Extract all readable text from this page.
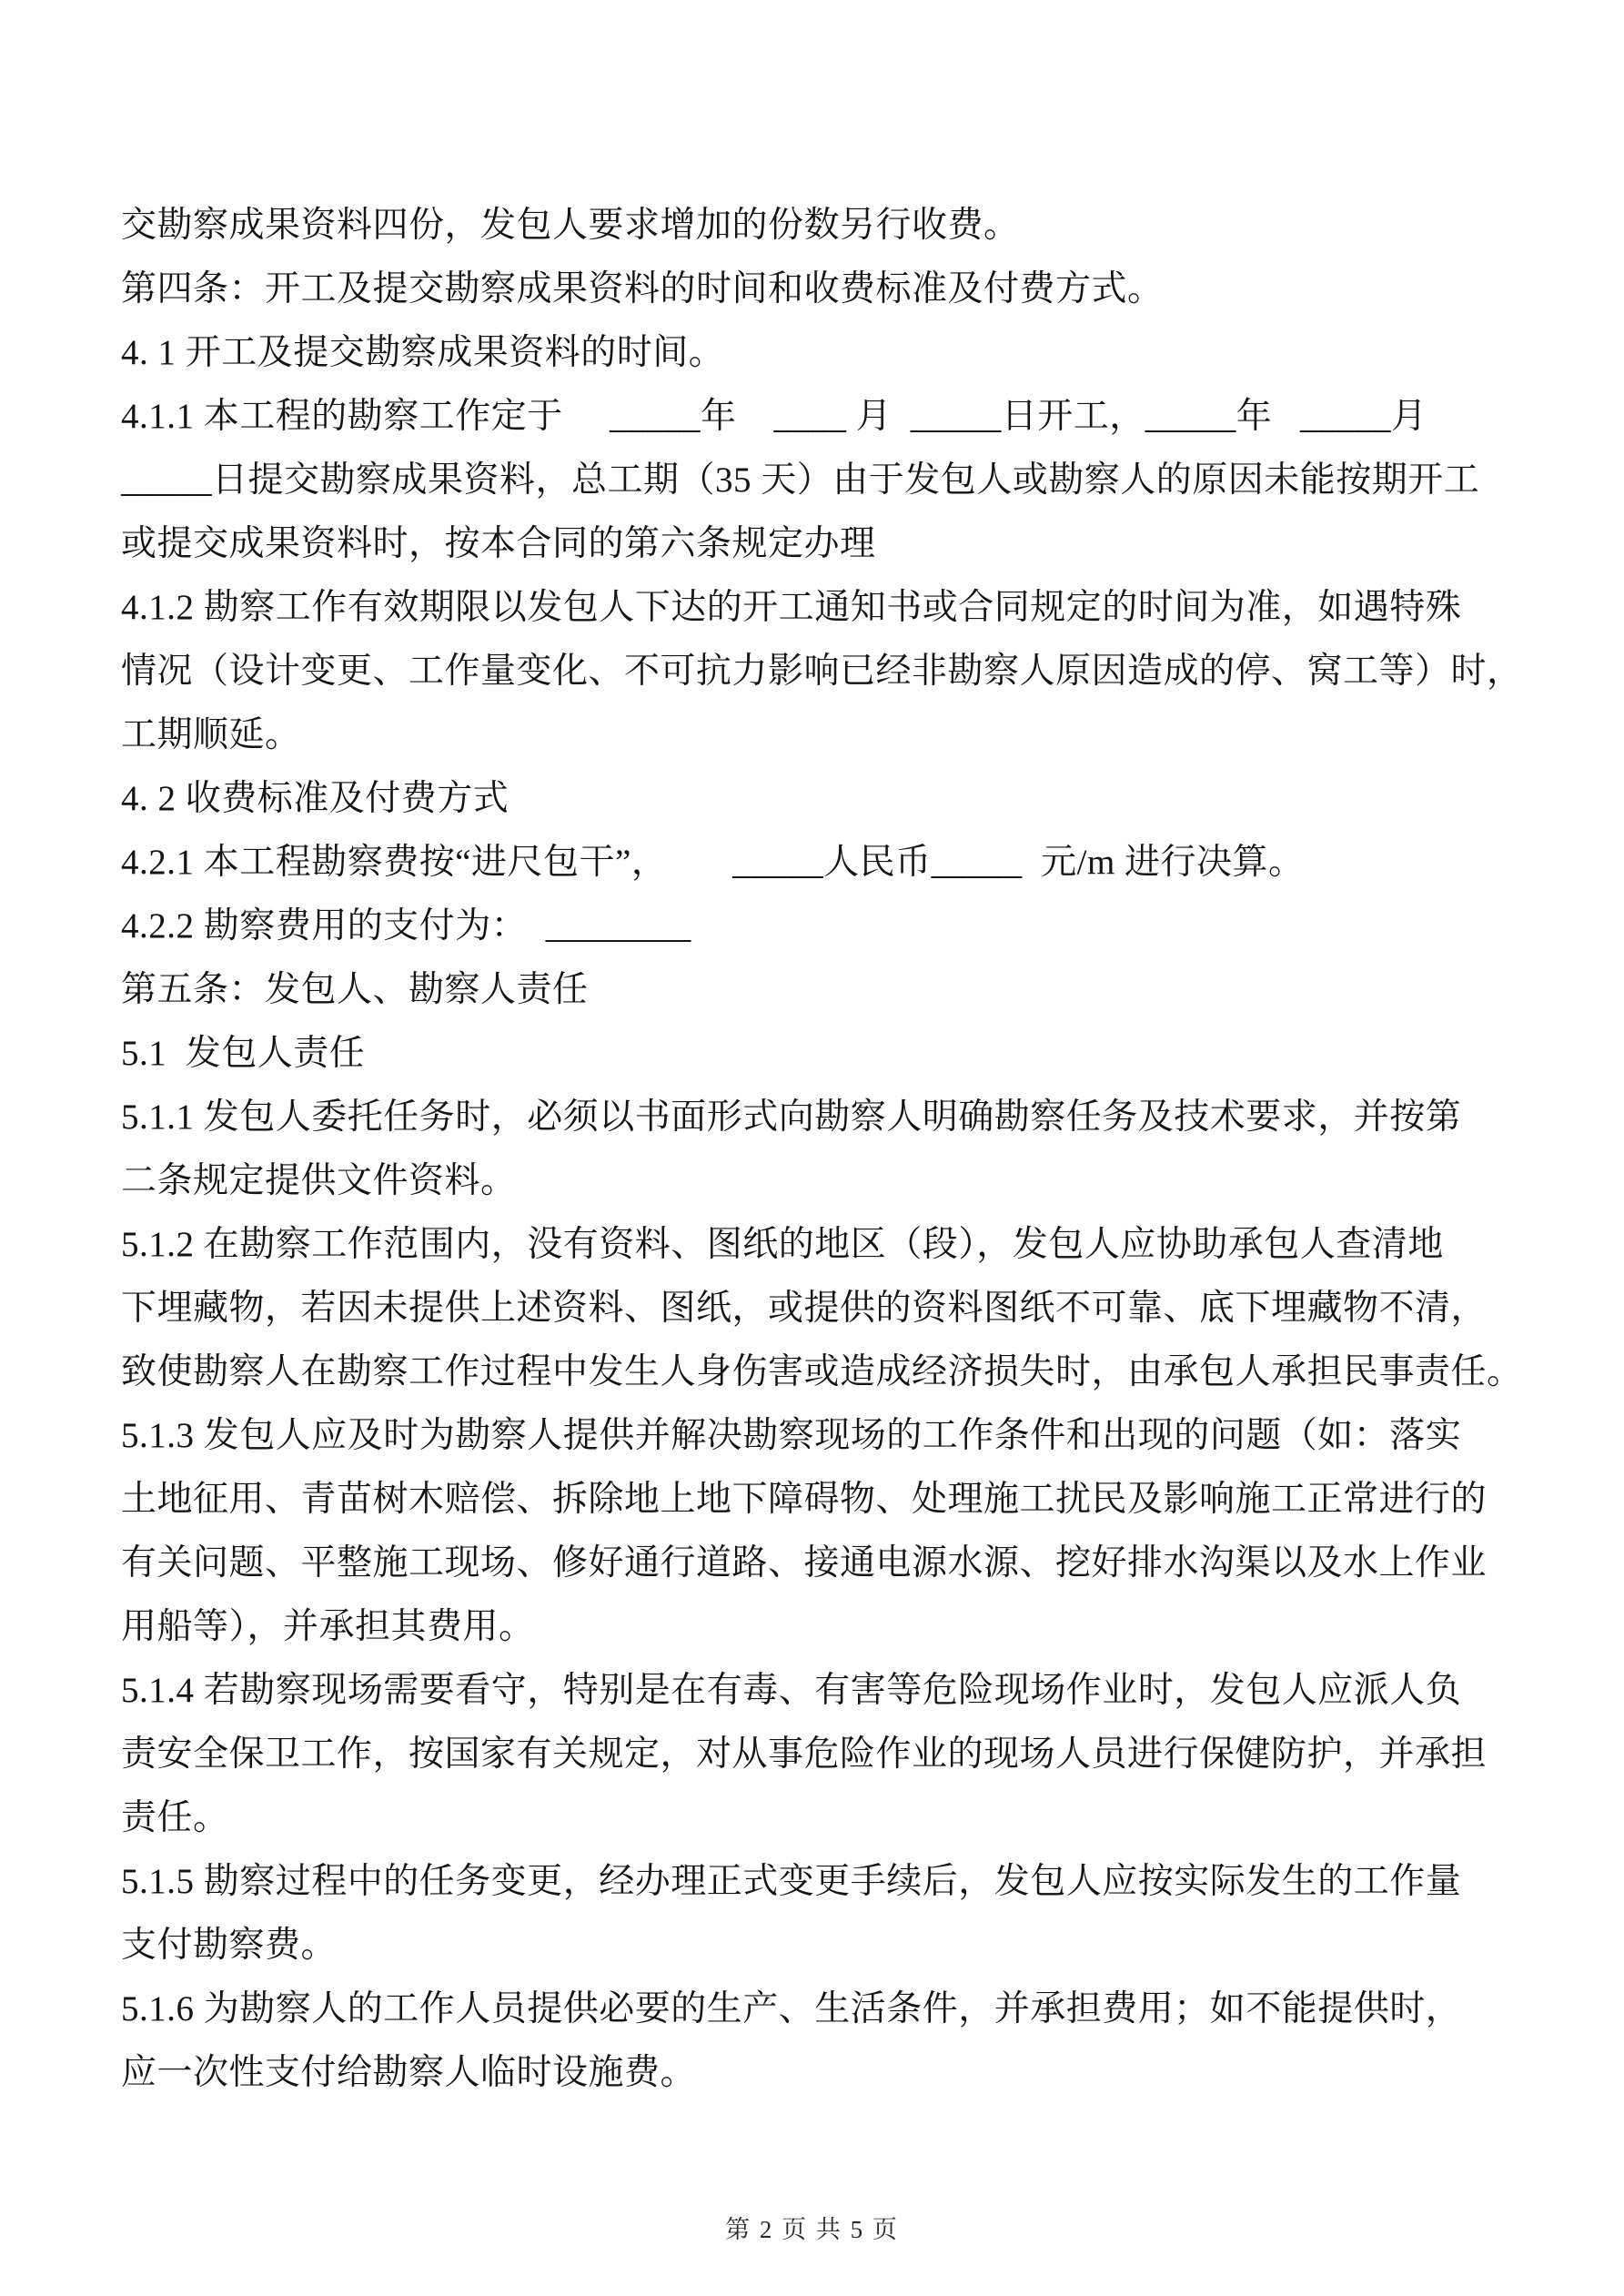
交勘察成果资料四份，发包人要求增加的份数另行收费。
第四条：开工及提交勘察成果资料的时间和收费标准及付费方式。
4. 1 开工及提交勘察成果资料的时间。
4.1.1 本工程的勘察工作定于     _____年    ____ 月  _____日开工，_____年   _____月
_____日提交勘察成果资料，总工期（35 天）由于发包人或勘察人的原因未能按期开工
或提交成果资料时，按本合同的第六条规定办理
4.1.2 勘察工作有效期限以发包人下达的开工通知书或合同规定的时间为准，如遇特殊
情况（设计变更、工作量变化、不可抗力影响已经非勘察人原因造成的停、窝工等）时，
工期顺延。
4. 2 收费标准及付费方式
4.2.1 本工程勘察费按“进尺包干”，       _____人民币_____  元/m 进行决算。
4.2.2 勘察费用的支付为：  ________
第五条：发包人、勘察人责任
5.1  发包人责任
5.1.1 发包人委托任务时，必须以书面形式向勘察人明确勘察任务及技术要求，并按第
二条规定提供文件资料。
5.1.2 在勘察工作范围内，没有资料、图纸的地区（段），发包人应协助承包人查清地
下埋藏物，若因未提供上述资料、图纸，或提供的资料图纸不可靠、底下埋藏物不清，
致使勘察人在勘察工作过程中发生人身伤害或造成经济损失时，由承包人承担民事责任。
5.1.3 发包人应及时为勘察人提供并解决勘察现场的工作条件和出现的问题（如：落实
土地征用、青苗树木赔偿、拆除地上地下障碍物、处理施工扰民及影响施工正常进行的
有关问题、平整施工现场、修好通行道路、接通电源水源、挖好排水沟渠以及水上作业
用船等），并承担其费用。
5.1.4 若勘察现场需要看守，特别是在有毒、有害等危险现场作业时，发包人应派人负
责安全保卫工作，按国家有关规定，对从事危险作业的现场人员进行保健防护，并承担
责任。
5.1.5 勘察过程中的任务变更，经办理正式变更手续后，发包人应按实际发生的工作量
支付勘察费。
5.1.6 为勘察人的工作人员提供必要的生产、生活条件，并承担费用；如不能提供时，
应一次性支付给勘察人临时设施费。
第 2 页 共 5 页
